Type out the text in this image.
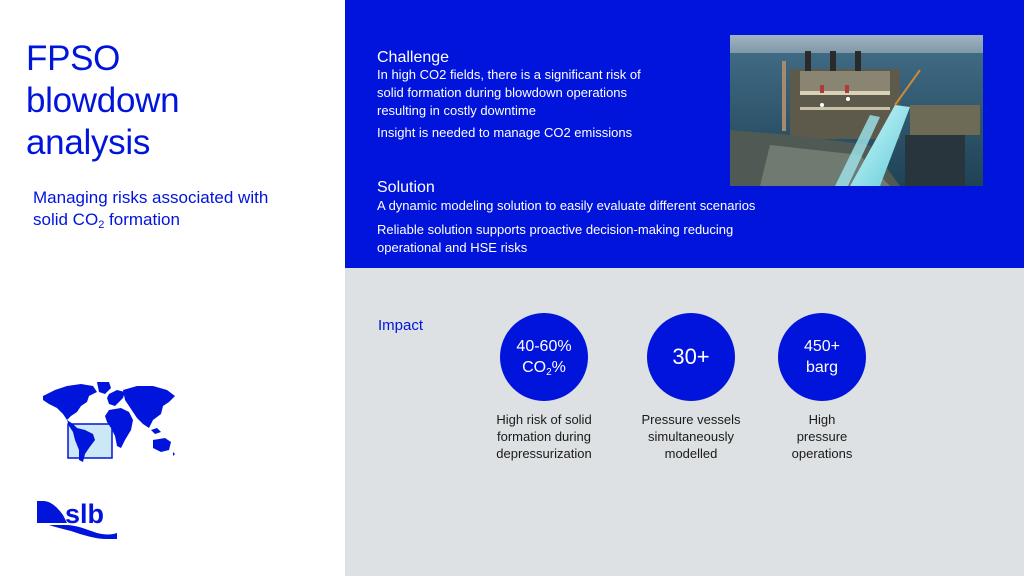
FPSO
blowdown
analysis
Managing risks associated with
solid $CO_2$ formation
slb
Challenge
In high CO2 fields, there is a significant risk of
solid formation during blowdown operations
resulting in costly downtime
Insight is needed to manage CO2 emissions
Solution
A dynamic modeling solution to easily evaluate different scenarios
Reliable solution supports proactive decision-making reducing
operational and HSE risks
Impact
40-60%
$CO_2\%$
High risk of solid
formation during
depressurization
30+
Pressure vessels
simultaneously
modelled
450+
barg
High
pressure
operations
